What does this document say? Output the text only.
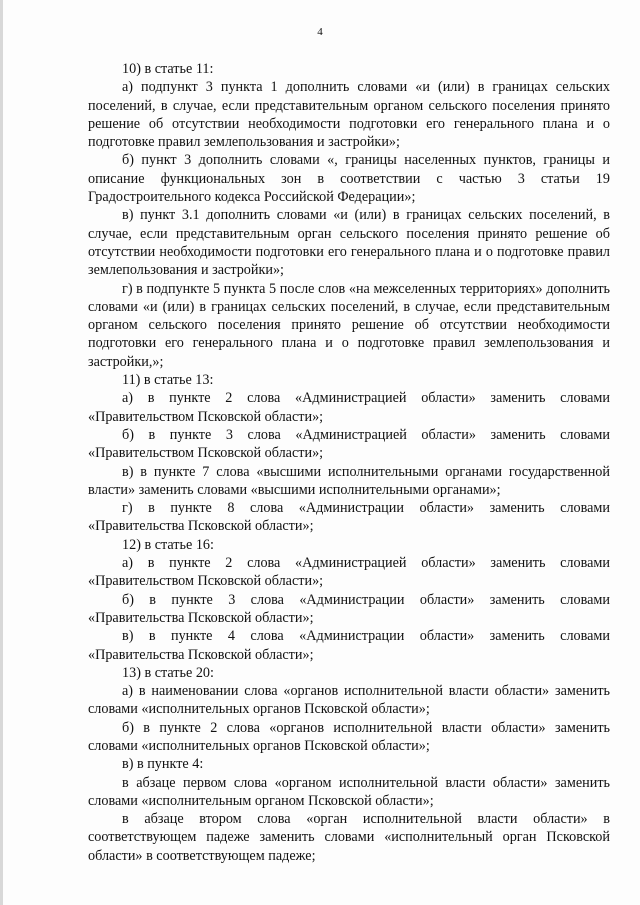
4

10) в статье 11:

а) подпункт 3 пункта 1 дополнить словами «и (или) в границах сельских поселений, в случае, если представительным органом сельского поселения принято решение об отсутствии необходимости подготовки его генерального плана и о подготовке правил землепользования и застройки»;

б) пункт 3 дополнить словами «, границы населенных пунктов, границы и описание функциональных зон в соответствии с частью 3 статьи 19 Градостроительного кодекса Российской Федерации»;

в) пункт 3.1 дополнить словами «и (или) в границах сельских поселений, в случае, если представительным орган сельского поселения принято решение об отсутствии необходимости подготовки его генерального плана и о подготовке правил землепользования и застройки»;

г) в подпункте 5 пункта 5 после слов «на межселенных территориях» дополнить словами «и (или) в границах сельских поселений, в случае, если представительным органом сельского поселения принято решение об отсутствии необходимости подготовки его генерального плана и о подготовке правил землепользования и застройки,»;

11) в статье 13:

а) в пункте 2 слова «Администрацией области» заменить словами «Правительством Псковской области»;

б) в пункте 3 слова «Администрацией области» заменить словами «Правительством Псковской области»;

в) в пункте 7 слова «высшими исполнительными органами государственной власти» заменить словами «высшими исполнительными органами»;

г) в пункте 8 слова «Администрации области» заменить словами «Правительства Псковской области»;

12) в статье 16:

а) в пункте 2 слова «Администрацией области» заменить словами «Правительством Псковской области»;

б) в пункте 3 слова «Администрации области» заменить словами «Правительства Псковской области»;

в) в пункте 4 слова «Администрации области» заменить словами «Правительства Псковской области»;

13) в статье 20:

а) в наименовании слова «органов исполнительной власти области» заменить словами «исполнительных органов Псковской области»;

б) в пункте 2 слова «органов исполнительной власти области» заменить словами «исполнительных органов Псковской области»;

в) в пункте 4:

в абзаце первом слова «органом исполнительной власти области» заменить словами «исполнительным органом Псковской области»;

в абзаце втором слова «орган исполнительной власти области» в соответствующем падеже заменить словами «исполнительный орган Псковской области» в соответствующем падеже;
